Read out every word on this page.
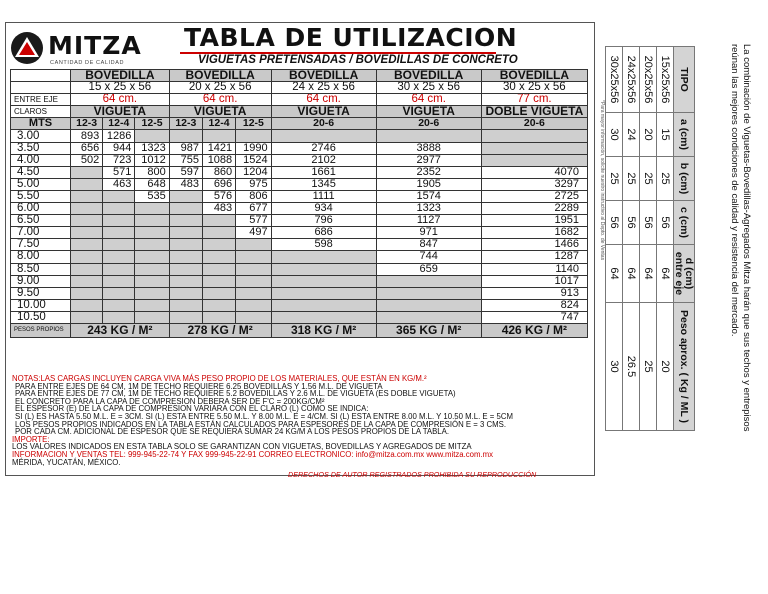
MITZA
CANTIDAD DE CALIDAD
TABLA DE UTILIZACION
VIGUETAS PRETENSADAS / BOVEDILLAS DE CONCRETO
	BOVEDILLA			BOVEDILLA			BOVEDILLA	BOVEDILLA	BOVEDILLA
	15 x 25 x 56			20 x 25 x 56			24 x 25 x 56	30 x 25 x 56	30 x 25 x 56
ENTRE EJE	64 cm.			64 cm.			64 cm.	64 cm.	77 cm.
CLAROS	VIGUETA			VIGUETA			VIGUETA	VIGUETA	DOBLE VIGUETA
MTS	12-3	12-4	12-5	12-3	12-4	12-5	20-6	20-6	20-6
3.00	893	1286							
3.50	656	944	1323	987	1421	1990	2746	3888	
4.00	502	723	1012	755	1088	1524	2102	2977	
4.50		571	800	597	860	1204	1661	2352	4070
5.00		463	648	483	696	975	1345	1905	3297
5.50			535		576	806	1111	1574	2725
6.00					483	677	934	1323	2289
6.50						577	796	1127	1951
7.00						497	686	971	1682
7.50							598	847	1466
8.00								744	1287
8.50								659	1140
9.00									1017
9.50									913
10.00									824
10.50									747
PESOS PROPIOS	243 KG / M²			278 KG / M²			318 KG / M²	365 KG / M²	426 KG / M²
NOTAS:LAS CARGAS INCLUYEN CARGA VIVA MÁS PESO PROPIO DE LOS MATERIALES, QUE ESTÁN EN KG/M.²
PARA ENTRE EJES DE 64 CM, 1M DE TECHO REQUIERE 6.25 BOVEDILLAS Y 1.56 M.L. DE VIGUETA
PARA ENTRE EJES DE 77 CM, 1M DE TECHO REQUIERE 5.2 BOVEDILLAS Y 2.6 M.L. DE VIGUETA (ES DOBLE VIGUETA)
EL CONCRETO PARA LA CAPA DE COMPRESION DEBERA SER DE F'C = 200KG/CM²
EL ESPESOR (E) DE LA CAPA DE COMPRESION VARIARA CON EL CLARO (L) COMO SE INDICA:
SI (L) ES HASTA 5.50 M.L. E = 3CM. SI (L) ESTA ENTRE 5.50 M.L. Y 8.00 M.L. E = 4/CM. SI (L) ESTA ENTRE 8.00 M.L. Y 10.50 M.L. E = 5CM
LOS PESOS PROPIOS INDICADOS EN LA TABLA ESTÁN CALCULADOS PARA ESPESORES DE LA CAPA DE COMPRESIÓN E = 3 CMS.
POR CADA CM. ADICIONAL DE ESPESOR QUE SE REQUIERA SUMAR 24 KG/M A LOS PESOS PROPIOS DE LA TABLA.
IMPORTE:
LOS VALORES INDICADOS EN ESTA TABLA SOLO SE GARANTIZAN CON VIGUETAS, BOVEDILLAS Y AGREGADOS DE MITZA
INFORMACION Y VENTAS TEL: 999-945-22-74 Y FAX 999-945-22-91 CORREO ELECTRONICO: info@mitza.com.mx www.mitza.com.mx
MÉRIDA, YUCATÁN, MÉXICO.
DERECHOS DE AUTOR REGISTRADOS PROHIBIDA SU REPRODUCCIÓN
TIPO	a (cm)	b (cm)	c (cm)	d (cm) entre eje	Peso aprox. ( Kg / ML )
15x25x56	15	25	56	64	20
20x25x56	20	25	56	64	25
24x25x56	24	25	56	64	26.5
30x25x56	30	25	56	64	30
*Para mayor información, solicite nuestro instructivo al Depto. de Ventas	La combinación de Viguetas-Bovedillas-Agregados Mitza harán que sus techos y entrepisos
reúnan las mejores condiciones de calidad y resistencia del mercado.
